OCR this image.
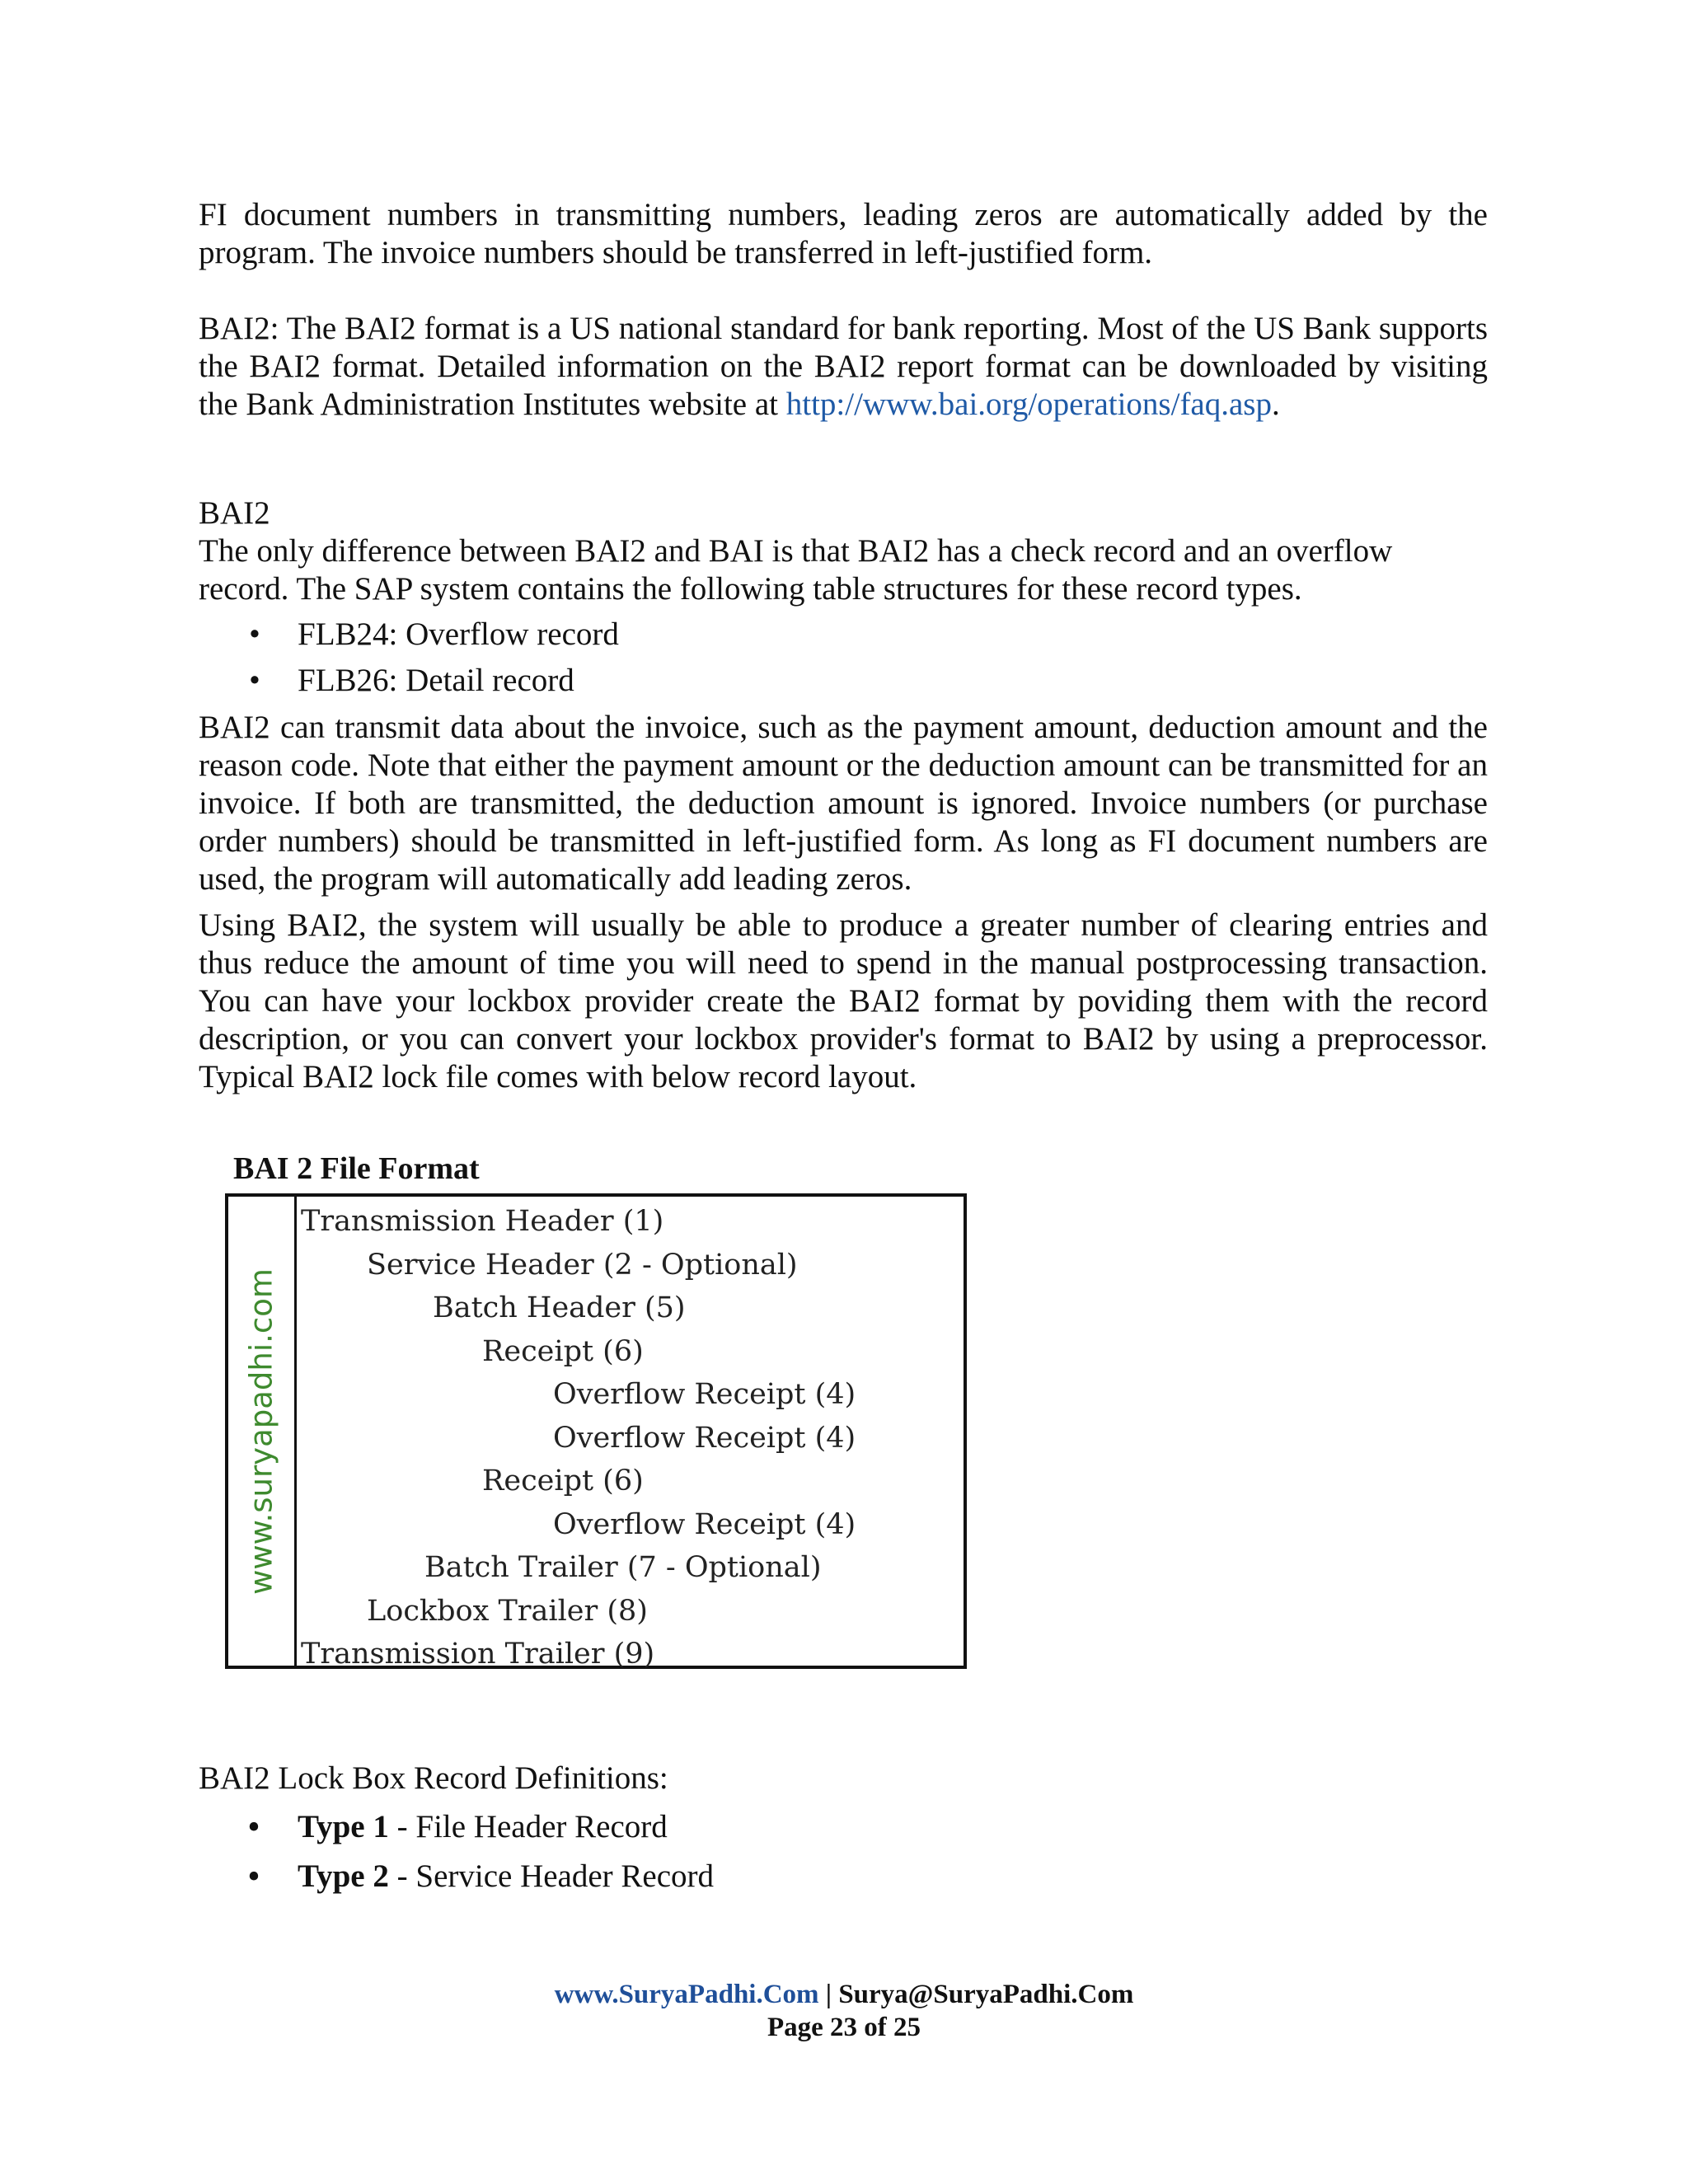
FI document numbers in transmitting numbers, leading zeros are automatically added by the program. The invoice numbers should be transferred in left-justified form.

BAI2: The BAI2 format is a US national standard for bank reporting. Most of the US Bank supports the BAI2 format. Detailed information on the BAI2 report format can be downloaded by visiting the Bank Administration Institutes website at http://www.bai.org/operations/faq.asp.

BAI2

The only difference between BAI2 and BAI is that BAI2 has a check record and an overflow record. The SAP system contains the following table structures for these record types.

• FLB24: Overflow record
• FLB26: Detail record

BAI2 can transmit data about the invoice, such as the payment amount, deduction amount and the reason code. Note that either the payment amount or the deduction amount can be transmitted for an invoice. If both are transmitted, the deduction amount is ignored. Invoice numbers (or purchase order numbers) should be transmitted in left-justified form. As long as FI document numbers are used, the program will automatically add leading zeros.

Using BAI2, the system will usually be able to produce a greater number of clearing entries and thus reduce the amount of time you will need to spend in the manual postprocessing transaction. You can have your lockbox provider create the BAI2 format by poviding them with the record description, or you can convert your lockbox provider's format to BAI2 by using a preprocessor. Typical BAI2 lock file comes with below record layout.

BAI 2 File Format
www.suryapadhi.com
Transmission Header (1)
Service Header (2 - Optional)
Batch Header (5)
Receipt (6)
Overflow Receipt (4)
Overflow Receipt (4)
Receipt (6)
Overflow Receipt (4)
Batch Trailer (7 - Optional)
Lockbox Trailer (8)
Transmission Trailer (9)

BAI2 Lock Box Record Definitions:

• Type 1 - File Header Record
• Type 2 - Service Header Record
www.SuryaPadhi.Com | Surya@SuryaPadhi.Com
Page 23 of 25
